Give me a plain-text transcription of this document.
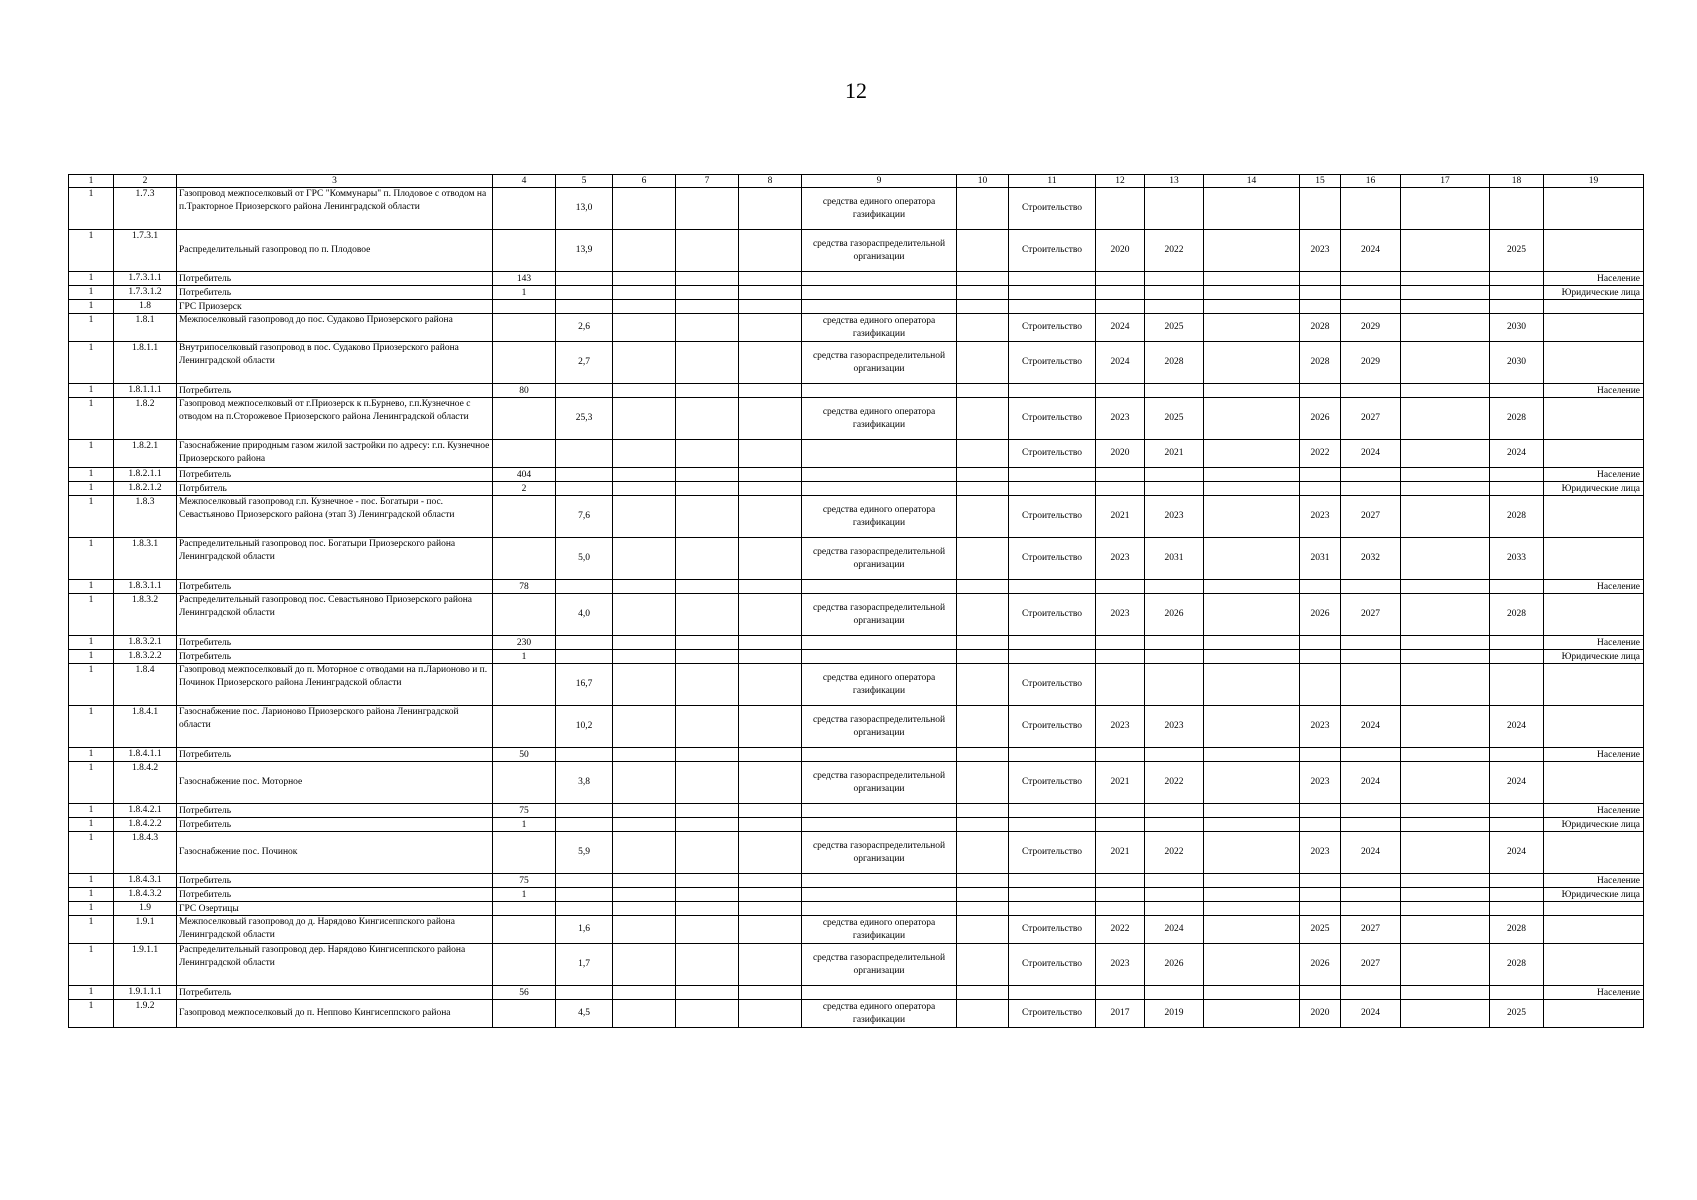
12
1	2	3	4	5	6	7	8	9	10	11	12	13	14	15	16	17	18	19
1	1.7.3	Газопровод межпоселковый от ГРС "Коммунары" п. Плодовое с отводом на п.Тракторное Приозерского района Ленинградской области		13,0				средства единого оператора газификации		Строительство								
1	1.7.3.1	Распределительный газопровод по п. Плодовое		13,9				средства газораспределительной организации		Строительство	2020	2022		2023	2024		2025	
1	1.7.3.1.1	Потребитель	143															Население
1	1.7.3.1.2	Потребитель	1															Юридические лица
1	1.8	ГРС Приозерск																
1	1.8.1	Межпоселковый газопровод до пос. Судаково Приозерского района		2,6				средства единого оператора газификации		Строительство	2024	2025		2028	2029		2030	
1	1.8.1.1	Внутрипоселковый газопровод в пос. Судаково Приозерского района Ленинградской области		2,7				средства газораспределительной организации		Строительство	2024	2028		2028	2029		2030	
1	1.8.1.1.1	Потребитель	80															Население
1	1.8.2	Газопровод межпоселковый от г.Приозерск к п.Бурнево, г.п.Кузнечное с отводом на п.Сторожевое Приозерского района Ленинградской области		25,3				средства единого оператора газификации		Строительство	2023	2025		2026	2027		2028	
1	1.8.2.1	Газоснабжение природным газом жилой застройки по адресу: г.п. Кузнечное Приозерского района								Строительство	2020	2021		2022	2024		2024	
1	1.8.2.1.1	Потребитель	404															Население
1	1.8.2.1.2	Потрбитель	2															Юридические лица
1	1.8.3	Межпоселковый газопровод г.п. Кузнечное - пос. Богатыри - пос. Севастьяново Приозерского района (этап 3) Ленинградской области		7,6				средства единого оператора газификации		Строительство	2021	2023		2023	2027		2028	
1	1.8.3.1	Распределительный газопровод пос. Богатыри Приозерского района Ленинградской области		5,0				средства газораспределительной организации		Строительство	2023	2031		2031	2032		2033	
1	1.8.3.1.1	Потребитель	78															Население
1	1.8.3.2	Распределительный газопровод пос. Севастьяново Приозерского района Ленинградской области		4,0				средства газораспределительной организации		Строительство	2023	2026		2026	2027		2028	
1	1.8.3.2.1	Потребитель	230															Население
1	1.8.3.2.2	Потребитель	1															Юридические лица
1	1.8.4	Газопровод межпоселковый до п. Моторное с отводами на п.Ларионово и п. Починок Приозерского района Ленинградской области		16,7				средства единого оператора газификации		Строительство								
1	1.8.4.1	Газоснабжение пос. Ларионово Приозерского района Ленинградской области		10,2				средства газораспределительной организации		Строительство	2023	2023		2023	2024		2024	
1	1.8.4.1.1	Потребитель	50															Население
1	1.8.4.2	Газоснабжение пос. Моторное		3,8				средства газораспределительной организации		Строительство	2021	2022		2023	2024		2024	
1	1.8.4.2.1	Потребитель	75															Население
1	1.8.4.2.2	Потребитель	1															Юридические лица
1	1.8.4.3	Газоснабжение пос. Починок		5,9				средства газораспределительной организации		Строительство	2021	2022		2023	2024		2024	
1	1.8.4.3.1	Потребитель	75															Население
1	1.8.4.3.2	Потребитель	1															Юридические лица
1	1.9	ГРС Озертицы																
1	1.9.1	Межпоселковый газопровод до д. Нарядово Кингисеппского района Ленинградской области		1,6				средства единого оператора газификации		Строительство	2022	2024		2025	2027		2028	
1	1.9.1.1	Распределительный газопровод дер. Нарядово Кингисеппского района Ленинградской области		1,7				средства газораспределительной организации		Строительство	2023	2026		2026	2027		2028	
1	1.9.1.1.1	Потребитель	56															Население
1	1.9.2	Газопровод межпоселковый до п. Неппово Кингисеппского района		4,5				средства единого оператора газификации		Строительство	2017	2019		2020	2024		2025	
